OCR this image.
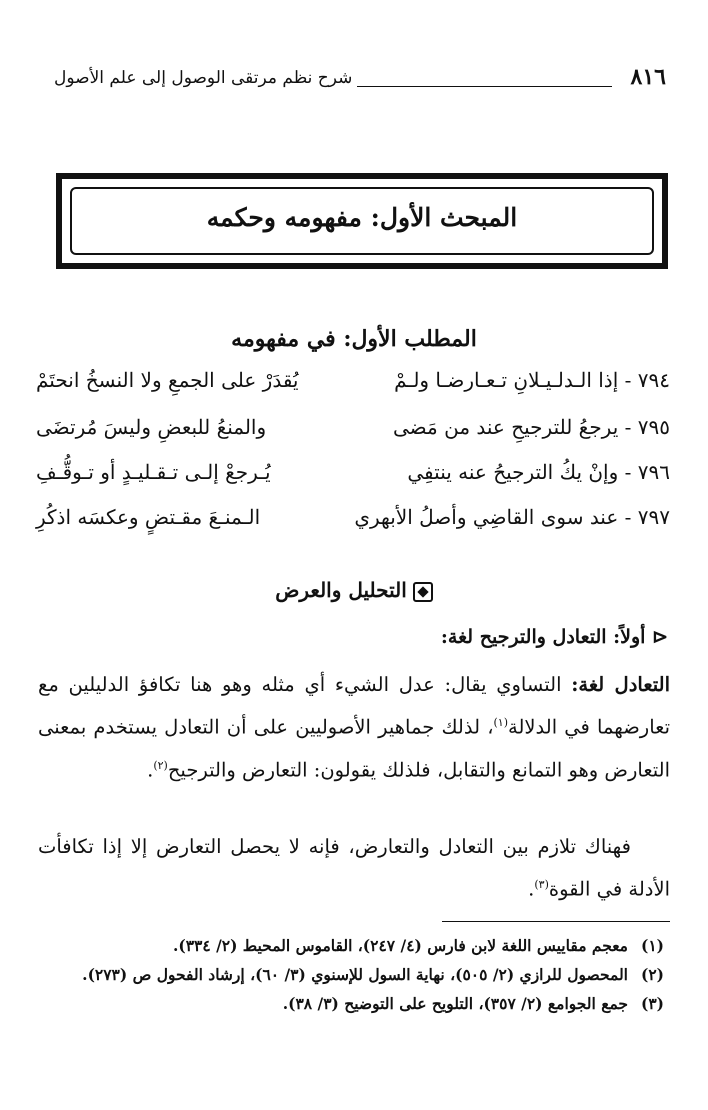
٨١٦
شرح نظم مرتقى الوصول إلى علم الأصول
المبحث الأول: مفهومه وحكمه
المطلب الأول: في مفهومه
٧٩٤ - إذا الـدلـيـلانِ تـعـارضـا ولـمْ
يُقدَرْ على الجمعِ ولا النسخُ انحتَمْ
٧٩٥ - يرجعُ للترجيحِ عند من مَضى
والمنعُ للبعضِ وليسَ مُرتضَى
٧٩٦ - وإنْ يكُ الترجيحُ عنه ينتفِي
يُـرجعْ إلـى تـقـليـدٍ أو تـوقُّـفِ
٧٩٧ - عند سوى القاضِي وأصلُ الأبهري
الـمنـعَ مقـتضٍ وعكسَه اذكُرِ
التحليل والعرض
⊲ أولاً: التعادل والترجيح لغة:

التعادل لغة: التساوي يقال: عدل الشيء أي مثله وهو هنا تكافؤ الدليلين مع تعارضهما في الدلالة$^{(١)}$، لذلك جماهير الأصوليين على أن التعادل يستخدم بمعنى التعارض وهو التمانع والتقابل، فلذلك يقولون: التعارض والترجيح$^{(٢)}$.

  فهناك تلازم بين التعادل والتعارض، فإنه لا يحصل التعارض إلا إذا تكافأت الأدلة في القوة$^{(٣)}$.

(١)معجم مقاييس اللغة لابن فارس (٤/ ٢٤٧)، القاموس المحيط (٢/ ٣٣٤).
(٢)المحصول للرازي (٢/ ٥٠٥)، نهاية السول للإسنوي (٣/ ٦٠)، إرشاد الفحول ص (٢٧٣).
(٣)جمع الجوامع (٢/ ٣٥٧)، التلويح على التوضيح (٣/ ٣٨).
